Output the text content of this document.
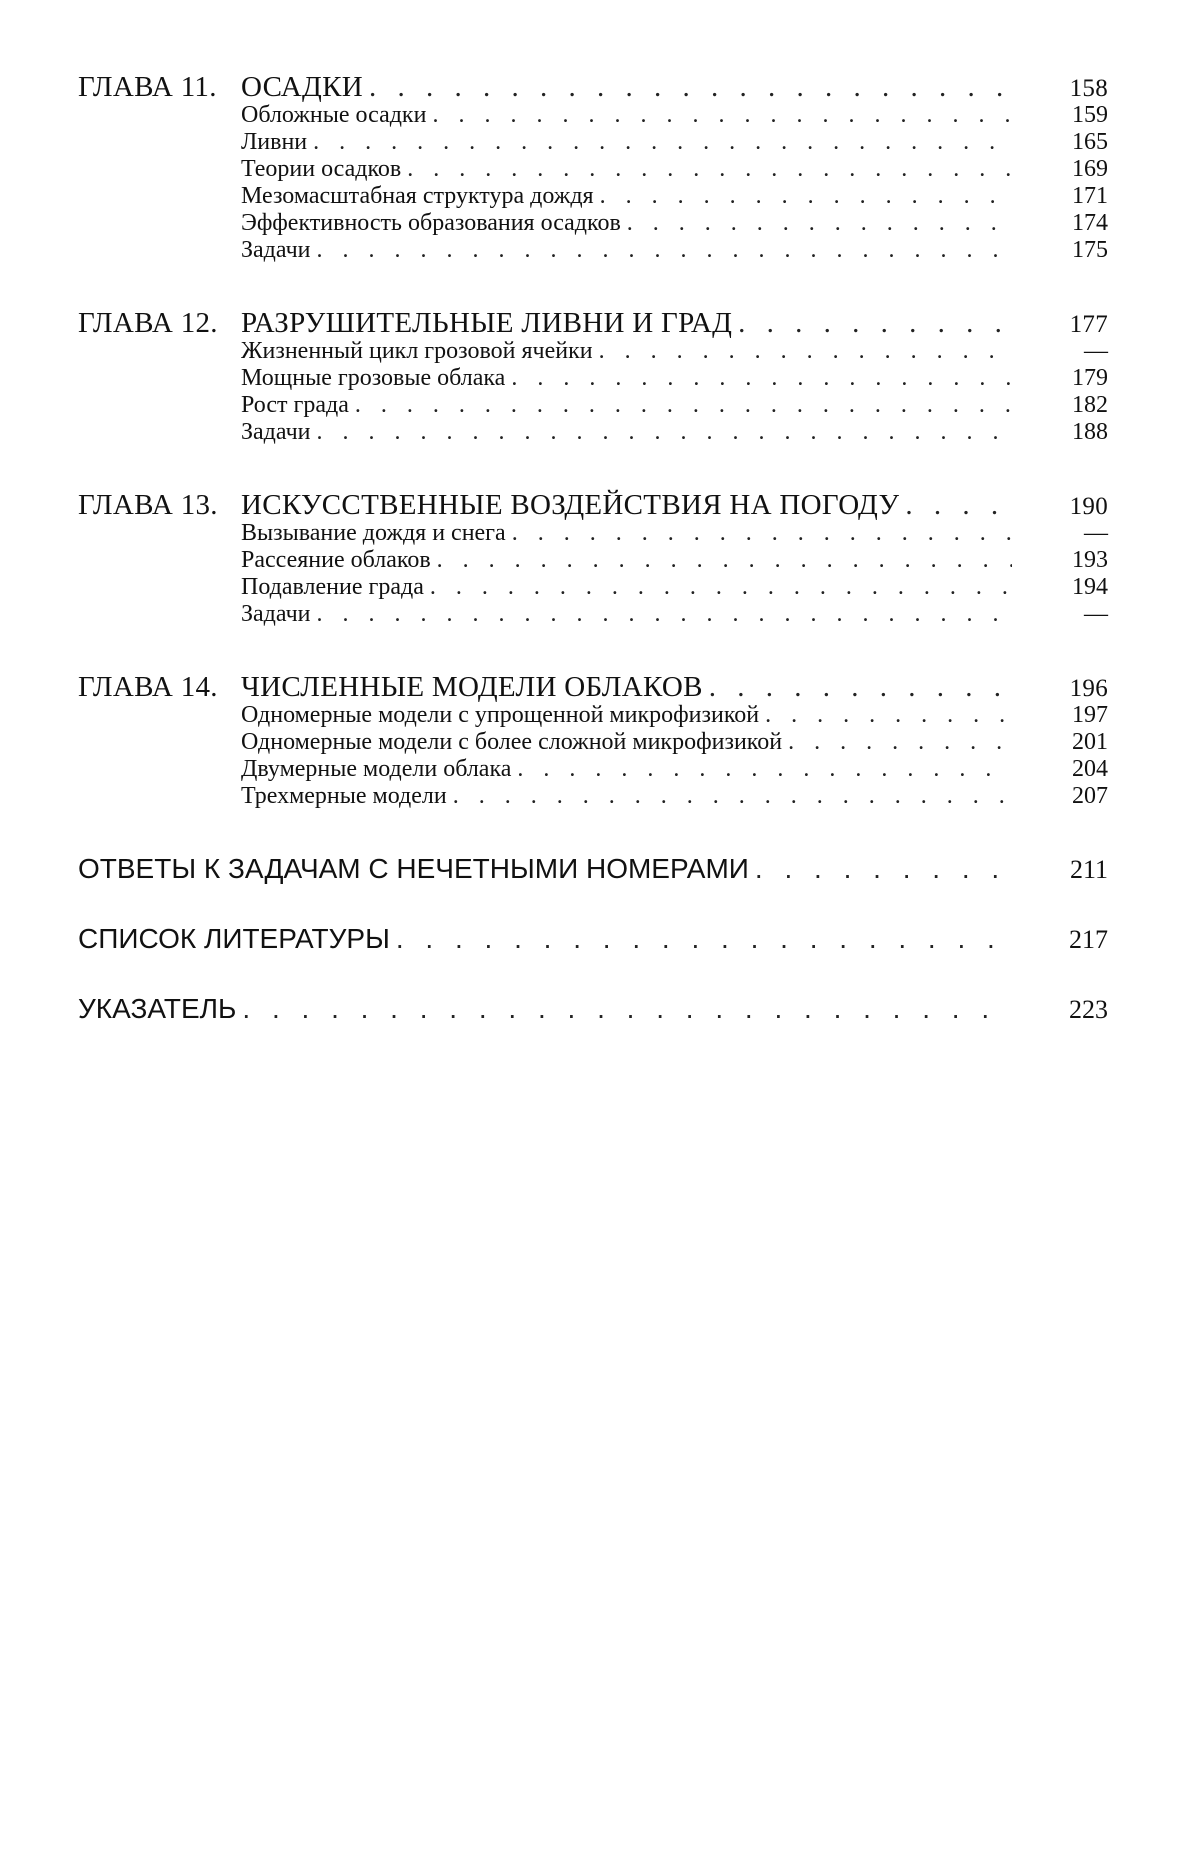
ГЛАВА 11. ОСАДКИ . . .	158
Обложные осадки . . .	159
Ливни . . .	165
Теории осадков . . .	169
Мезомасштабная структура дождя . . .	171
Эффективность образования осадков . . .	174
Задачи . . .	175
ГЛАВА 12. РАЗРУШИТЕЛЬНЫЕ ЛИВНИ И ГРАД . . .	177
Жизненный цикл грозовой ячейки . . .	—
Мощные грозовые облака . . .	179
Рост града . . .	182
Задачи . . .	188
ГЛАВА 13. ИСКУССТВЕННЫЕ ВОЗДЕЙСТВИЯ НА ПОГОДУ . . .	190
Вызывание дождя и снега . . .	—
Рассеяние облаков . . .	193
Подавление града . . .	194
Задачи . . .	—
ГЛАВА 14. ЧИСЛЕННЫЕ МОДЕЛИ ОБЛАКОВ . . .	196
Одномерные модели с упрощенной микрофизикой . . .	197
Одномерные модели с более сложной микрофизикой . . .	201
Двумерные модели облака . . .	204
Трехмерные модели . . .	207
ОТВЕТЫ К ЗАДАЧАМ С НЕЧЕТНЫМИ НОМЕРАМИ . . .	211
СПИСОК ЛИТЕРАТУРЫ . . .	217
УКАЗАТЕЛЬ . . .	223
